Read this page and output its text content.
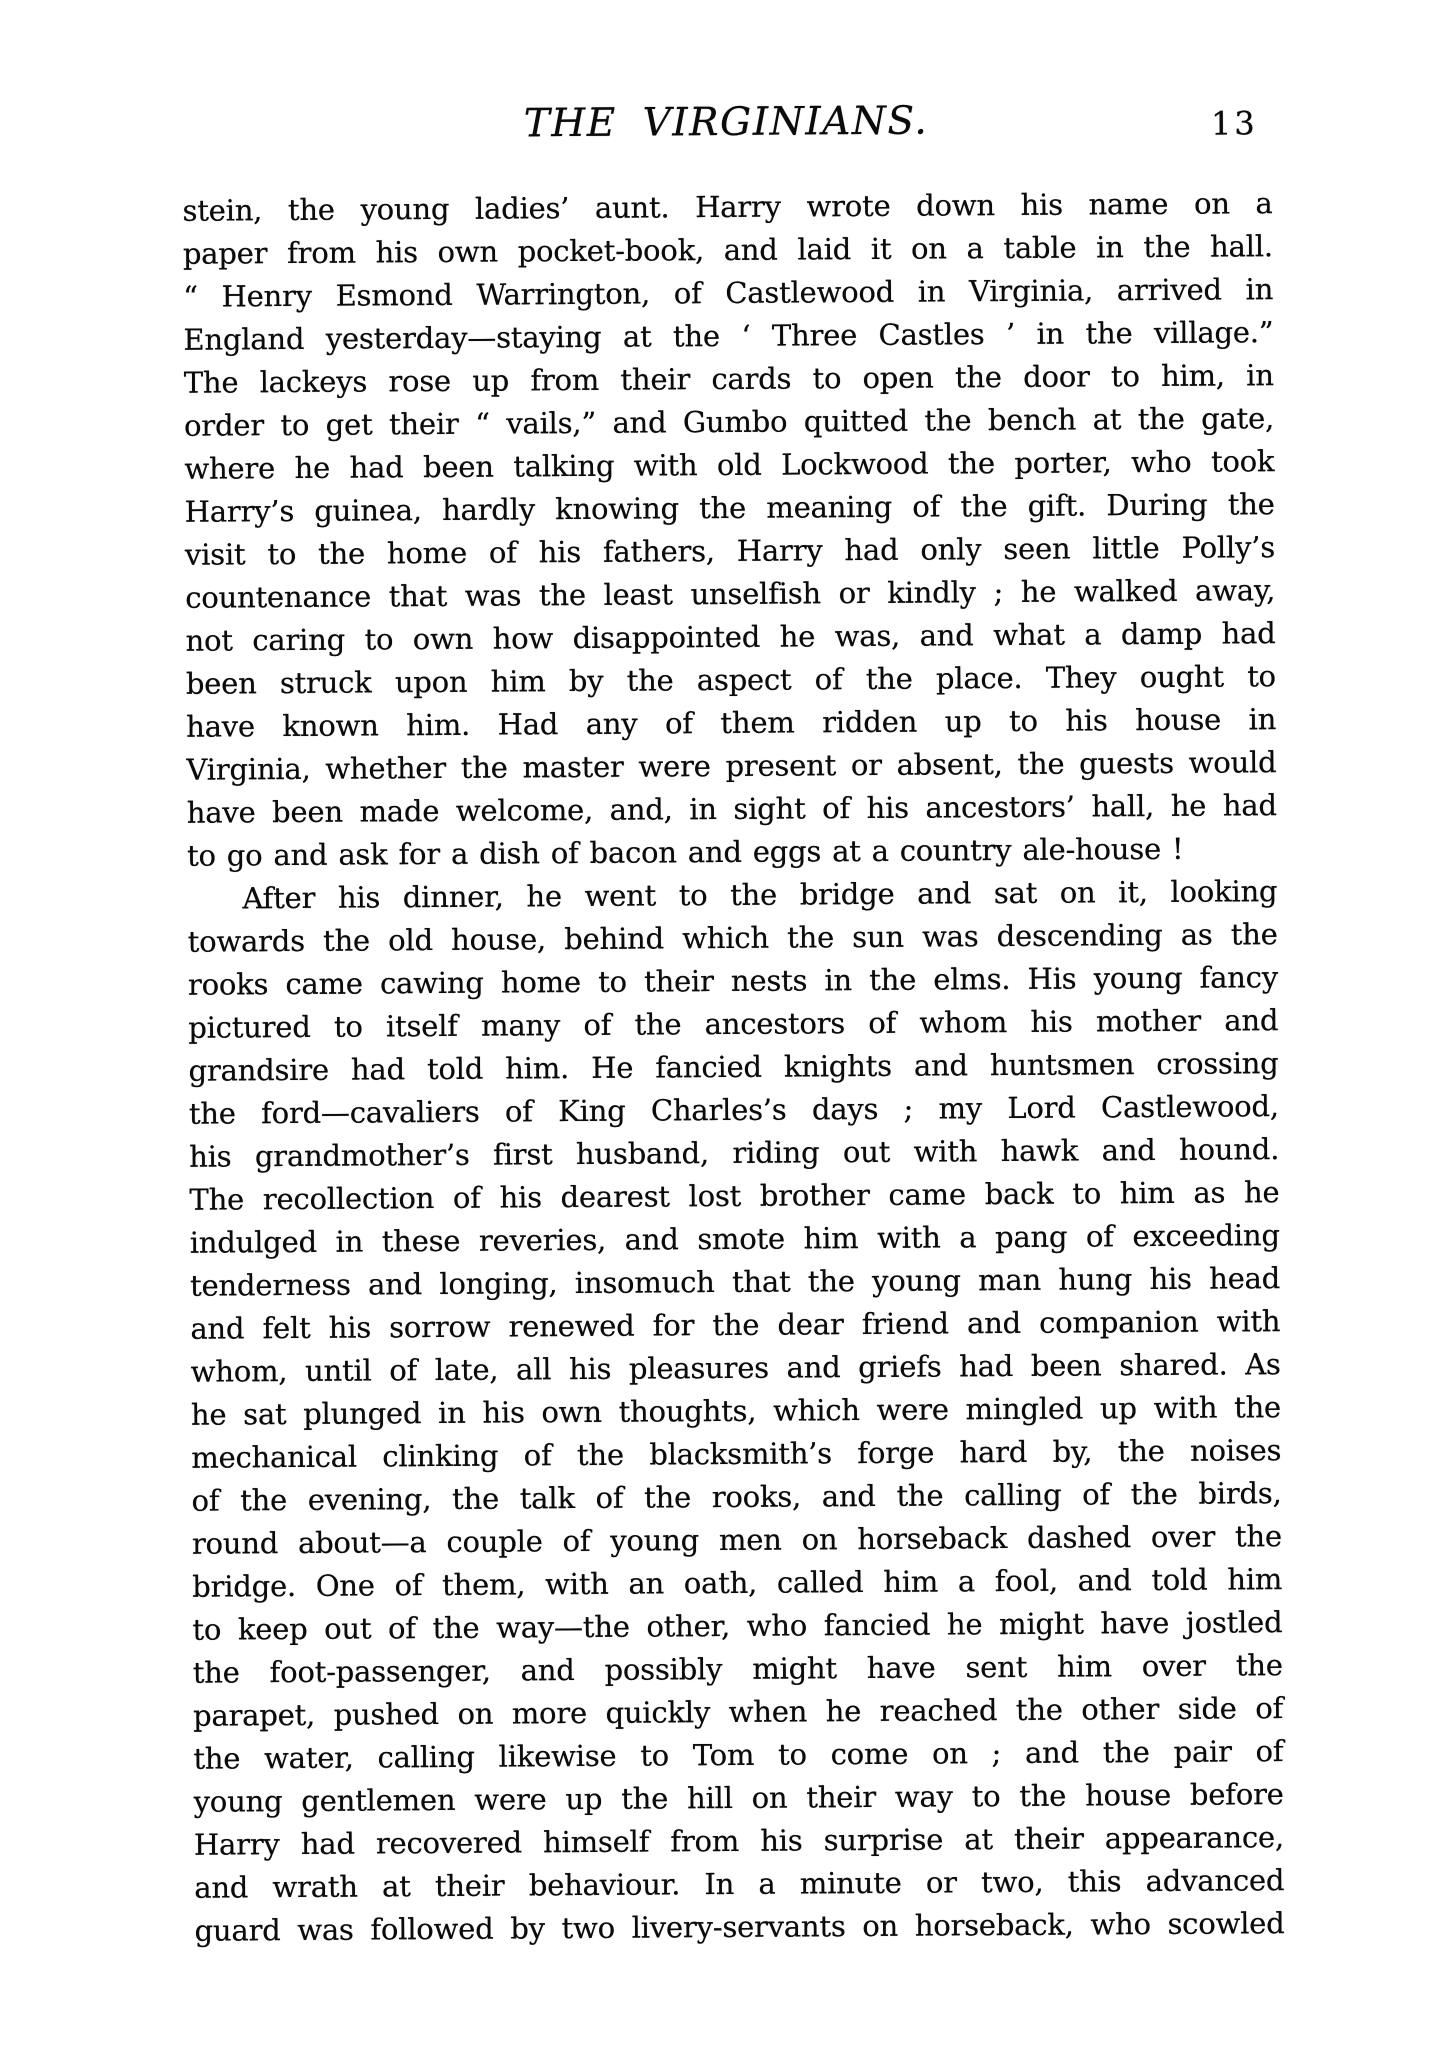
THE VIRGINIANS.	13
stein, the young ladies’ aunt. Harry wrote down his name on a
paper from his own pocket-book, and laid it on a table in the hall.
“ Henry Esmond Warrington, of Castlewood in Virginia, arrived in
England yesterday—staying at the ‘ Three Castles ’ in the village.”
The lackeys rose up from their cards to open the door to him, in
order to get their “ vails,” and Gumbo quitted the bench at the gate,
where he had been talking with old Lockwood the porter, who took
Harry’s guinea, hardly knowing the meaning of the gift. During the
visit to the home of his fathers, Harry had only seen little Polly’s
countenance that was the least unselfish or kindly ; he walked away,
not caring to own how disappointed he was, and what a damp had
been struck upon him by the aspect of the place. They ought to
have known him. Had any of them ridden up to his house in
Virginia, whether the master were present or absent, the guests would
have been made welcome, and, in sight of his ancestors’ hall, he had
to go and ask for a dish of bacon and eggs at a country ale-house !
After his dinner, he went to the bridge and sat on it, looking
towards the old house, behind which the sun was descending as the
rooks came cawing home to their nests in the elms. His young fancy
pictured to itself many of the ancestors of whom his mother and
grandsire had told him. He fancied knights and huntsmen crossing
the ford—cavaliers of King Charles’s days ; my Lord Castlewood,
his grandmother’s first husband, riding out with hawk and hound.
The recollection of his dearest lost brother came back to him as he
indulged in these reveries, and smote him with a pang of exceeding
tenderness and longing, insomuch that the young man hung his head
and felt his sorrow renewed for the dear friend and companion with
whom, until of late, all his pleasures and griefs had been shared. As
he sat plunged in his own thoughts, which were mingled up with the
mechanical clinking of the blacksmith’s forge hard by, the noises
of the evening, the talk of the rooks, and the calling of the birds,
round about—a couple of young men on horseback dashed over the
bridge. One of them, with an oath, called him a fool, and told him
to keep out of the way—the other, who fancied he might have jostled
the foot-passenger, and possibly might have sent him over the
parapet, pushed on more quickly when he reached the other side of
the water, calling likewise to Tom to come on ; and the pair of
young gentlemen were up the hill on their way to the house before
Harry had recovered himself from his surprise at their appearance,
and wrath at their behaviour. In a minute or two, this advanced
guard was followed by two livery-servants on horseback, who scowled
